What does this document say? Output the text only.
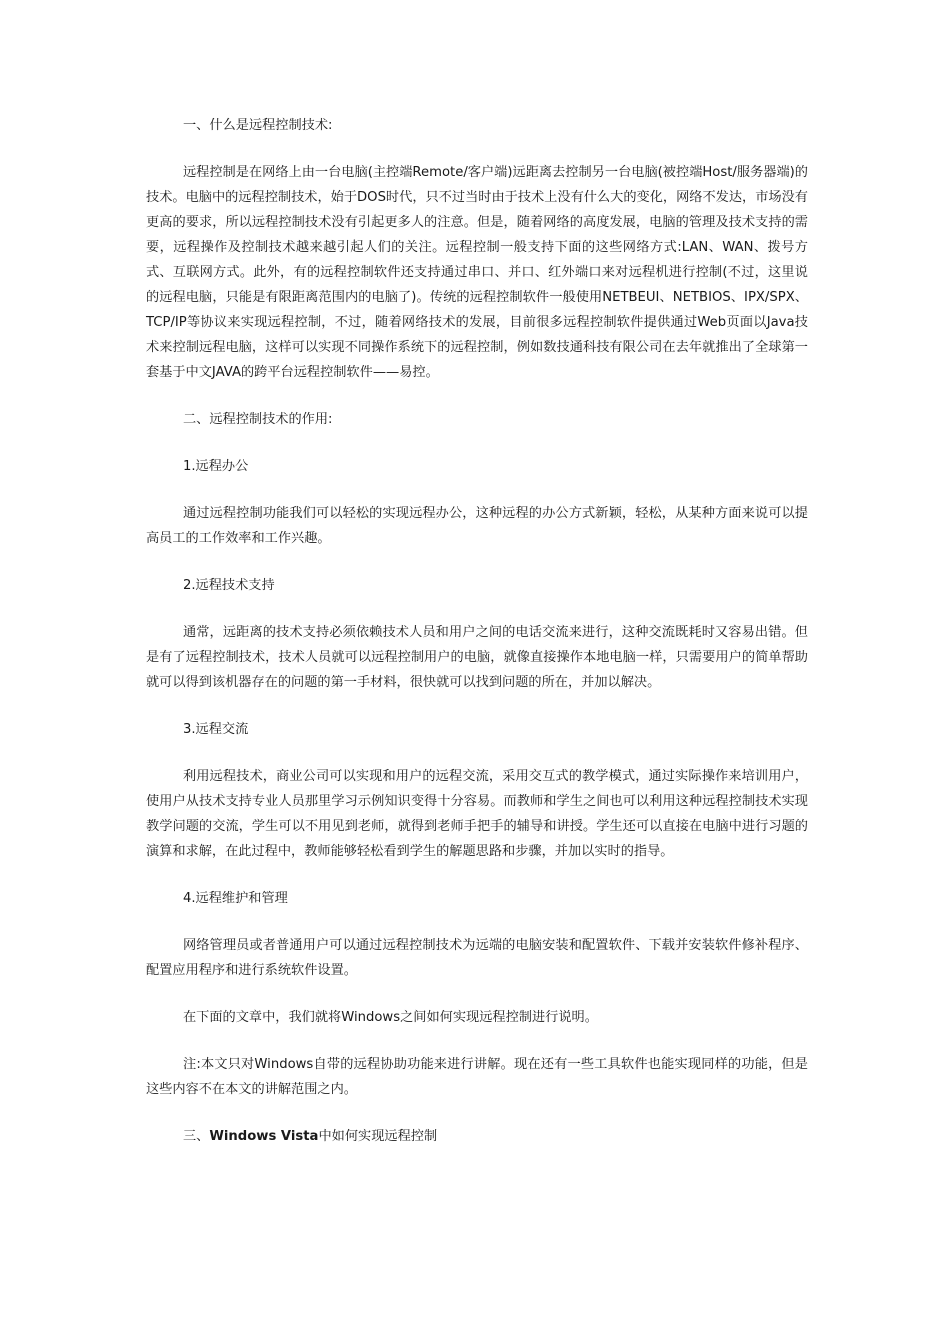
一、什么是远程控制技术:

远程控制是在网络上由一台电脑(主控端Remote/客户端)远距离去控制另一台电脑(被控端Host/服务器端)的技术。电脑中的远程控制技术，始于DOS时代，只不过当时由于技术上没有什么大的变化，网络不发达，市场没有更高的要求，所以远程控制技术没有引起更多人的注意。但是，随着网络的高度发展，电脑的管理及技术支持的需要，远程操作及控制技术越来越引起人们的关注。远程控制一般支持下面的这些网络方式:LAN、WAN、拨号方式、互联网方式。此外，有的远程控制软件还支持通过串口、并口、红外端口来对远程机进行控制(不过，这里说的远程电脑，只能是有限距离范围内的电脑了)。传统的远程控制软件一般使用NETBEUI、NETBIOS、IPX/SPX、TCP/IP等协议来实现远程控制，不过，随着网络技术的发展，目前很多远程控制软件提供通过Web页面以Java技术来控制远程电脑，这样可以实现不同操作系统下的远程控制，例如数技通科技有限公司在去年就推出了全球第一套基于中文JAVA的跨平台远程控制软件——易控。

二、远程控制技术的作用:

1.远程办公

通过远程控制功能我们可以轻松的实现远程办公，这种远程的办公方式新颖，轻松，从某种方面来说可以提高员工的工作效率和工作兴趣。

2.远程技术支持

通常，远距离的技术支持必须依赖技术人员和用户之间的电话交流来进行，这种交流既耗时又容易出错。但是有了远程控制技术，技术人员就可以远程控制用户的电脑，就像直接操作本地电脑一样，只需要用户的简单帮助就可以得到该机器存在的问题的第一手材料，很快就可以找到问题的所在，并加以解决。

3.远程交流

利用远程技术，商业公司可以实现和用户的远程交流，采用交互式的教学模式，通过实际操作来培训用户，使用户从技术支持专业人员那里学习示例知识变得十分容易。而教师和学生之间也可以利用这种远程控制技术实现教学问题的交流，学生可以不用见到老师，就得到老师手把手的辅导和讲授。学生还可以直接在电脑中进行习题的演算和求解，在此过程中，教师能够轻松看到学生的解题思路和步骤，并加以实时的指导。

4.远程维护和管理

网络管理员或者普通用户可以通过远程控制技术为远端的电脑安装和配置软件、下载并安装软件修补程序、配置应用程序和进行系统软件设置。

在下面的文章中，我们就将Windows之间如何实现远程控制进行说明。

注:本文只对Windows自带的远程协助功能来进行讲解。现在还有一些工具软件也能实现同样的功能，但是这些内容不在本文的讲解范围之内。

三、Windows Vista中如何实现远程控制
